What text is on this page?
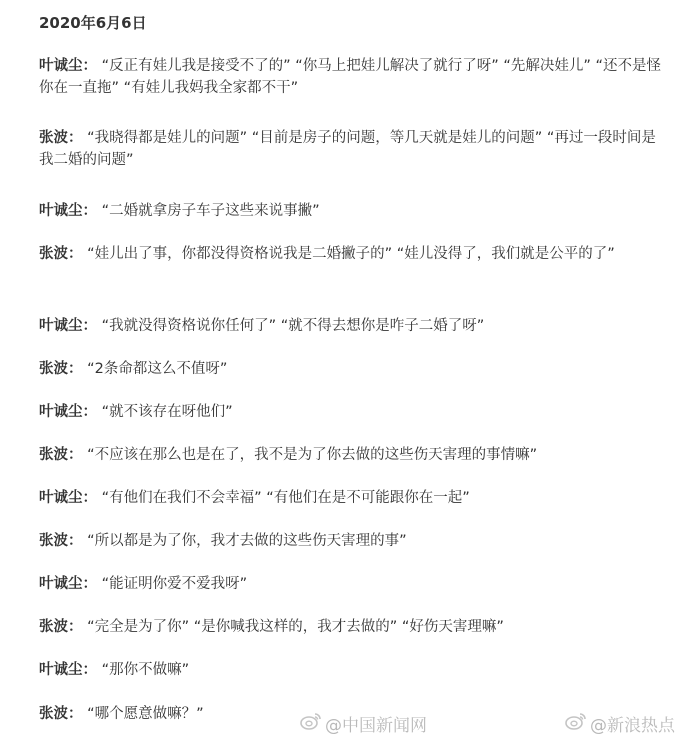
2020年6月6日
叶诚尘： “反正有娃儿我是接受不了的” “你马上把娃儿解决了就行了呀” “先解决娃儿” “还不是怪你在一直拖” “有娃儿我妈我全家都不干”
张波： “我晓得都是娃儿的问题” “目前是房子的问题，等几天就是娃儿的问题” “再过一段时间是我二婚的问题”
叶诚尘： “二婚就拿房子车子这些来说事撇”
张波： “娃儿出了事，你都没得资格说我是二婚撇子的” “娃儿没得了，我们就是公平的了”
叶诚尘： “我就没得资格说你任何了” “就不得去想你是咋子二婚了呀”
张波： “2条命都这么不值呀”
叶诚尘： “就不该存在呀他们”
张波： “不应该在那么也是在了，我不是为了你去做的这些伤天害理的事情嘛”
叶诚尘： “有他们在我们不会幸福” “有他们在是不可能跟你在一起”
张波： “所以都是为了你，我才去做的这些伤天害理的事”
叶诚尘： “能证明你爱不爱我呀”
张波： “完全是为了你” “是你喊我这样的，我才去做的” “好伤天害理嘛”
叶诚尘： “那你不做嘛”
张波： “哪个愿意做嘛？”
@中国新闻网	@新浪热点
